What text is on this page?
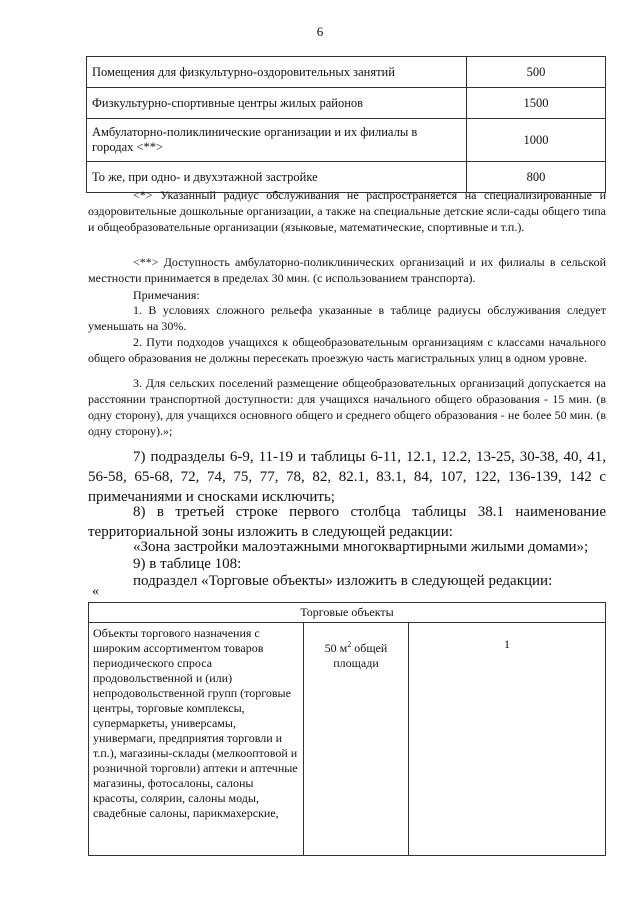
6
Помещения для физкультурно-оздоровительных занятий	500
Физкультурно-спортивные центры жилых районов	1500
Амбулаторно-поликлинические организации и их филиалы в городах <**>	1000
То же, при одно- и двухэтажной застройке	800
<*> Указанный радиус обслуживания не распространяется на специализированные и оздоровительные дошкольные организации, а также на специальные детские ясли-сады общего типа и общеобразовательные организации (языковые, математические, спортивные и т.п.).
<**> Доступность амбулаторно-поликлинических организаций и их филиалы в сельской местности принимается в пределах 30 мин. (с использованием транспорта).
Примечания:
1. В условиях сложного рельефа указанные в таблице радиусы обслуживания следует уменьшать на 30%.
2. Пути подходов учащихся к общеобразовательным организациям с классами начального общего образования не должны пересекать проезжую часть магистральных улиц в одном уровне.
3. Для сельских поселений размещение общеобразовательных организаций допускается на расстоянии транспортной доступности: для учащихся начального общего образования - 15 мин. (в одну сторону), для учащихся основного общего и среднего общего образования - не более 50 мин. (в одну сторону).»;
7) подразделы 6-9, 11-19 и таблицы 6-11, 12.1, 12.2, 13-25, 30-38, 40, 41, 56-58, 65-68, 72, 74, 75, 77, 78, 82, 82.1, 83.1, 84, 107, 122, 136-139, 142 с примечаниями и сносками исключить;
8) в третьей строке первого столбца таблицы 38.1 наименование территориальной зоны изложить в следующей редакции:
«Зона застройки малоэтажными многоквартирными жилыми домами»;
9) в таблице 108:
подраздел «Торговые объекты» изложить в следующей редакции:
«
Торговые объекты
Объекты торгового назначения с широким ассортиментом товаров периодического спроса продовольственной и (или) непродовольственной групп (торговые центры, торговые комплексы, супермаркеты, универсамы, универмаги, предприятия торговли и т.п.), магазины-склады (мелкооптовой и розничной торговли) аптеки и аптечные магазины, фотосалоны, салоны красоты, солярии, салоны моды, свадебные салоны, парикмахерские,	50 $м^2$ общей площади	1
